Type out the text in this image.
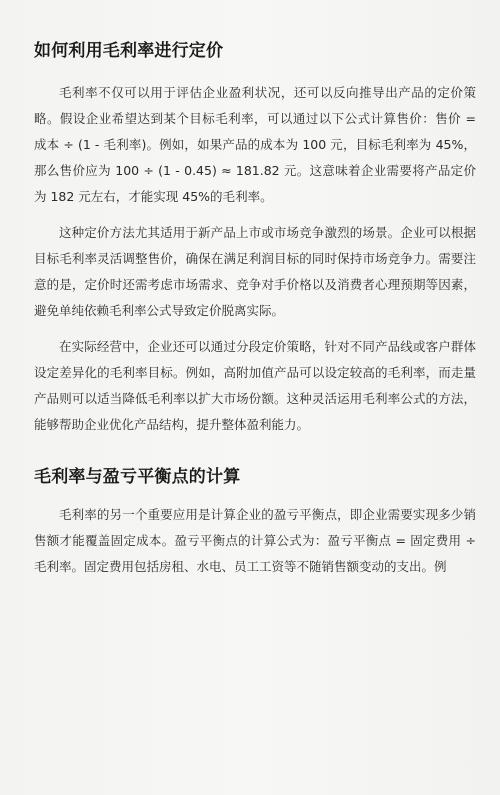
如何利用毛利率进行定价

毛利率不仅可以用于评估企业盈利状况，还可以反向推导出产品的定价策略。假设企业希望达到某个目标毛利率，可以通过以下公式计算售价：售价 = 成本 ÷ (1 - 毛利率)。例如，如果产品的成本为 100 元，目标毛利率为 45%，那么售价应为 100 ÷ (1 - 0.45) ≈ 181.82 元。这意味着企业需要将产品定价为 182 元左右，才能实现 45%的毛利率。

这种定价方法尤其适用于新产品上市或市场竞争激烈的场景。企业可以根据目标毛利率灵活调整售价，确保在满足利润目标的同时保持市场竞争力。需要注意的是，定价时还需考虑市场需求、竞争对手价格以及消费者心理预期等因素，避免单纯依赖毛利率公式导致定价脱离实际。

在实际经营中，企业还可以通过分段定价策略，针对不同产品线或客户群体设定差异化的毛利率目标。例如，高附加值产品可以设定较高的毛利率，而走量产品则可以适当降低毛利率以扩大市场份额。这种灵活运用毛利率公式的方法，能够帮助企业优化产品结构，提升整体盈利能力。

毛利率与盈亏平衡点的计算

毛利率的另一个重要应用是计算企业的盈亏平衡点，即企业需要实现多少销售额才能覆盖固定成本。盈亏平衡点的计算公式为：盈亏平衡点 = 固定费用 ÷ 毛利率。固定费用包括房租、水电、员工工资等不随销售额变动的支出。例
